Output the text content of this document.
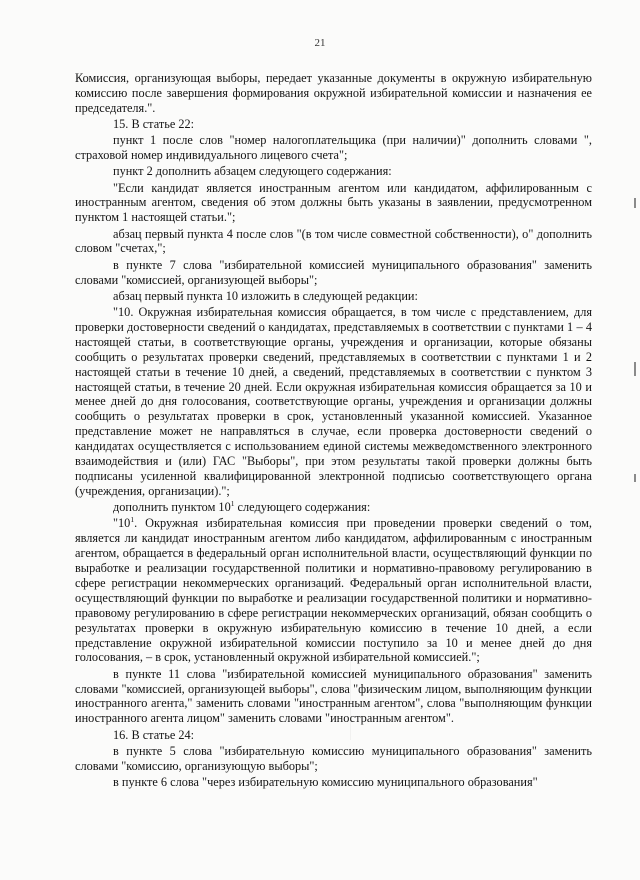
21

Комиссия, организующая выборы, передает указанные документы в окружную избирательную комиссию после завершения формирования окружной избирательной комиссии и назначения ее председателя.".

15. В статье 22:

пункт 1 после слов "номер налогоплательщика (при наличии)" дополнить словами ", страховой номер индивидуального лицевого счета";

пункт 2 дополнить абзацем следующего содержания:

"Если кандидат является иностранным агентом или кандидатом, аффилированным с иностранным агентом, сведения об этом должны быть указаны в заявлении, предусмотренном пунктом 1 настоящей статьи.";

абзац первый пункта 4 после слов "(в том числе совместной собственности), о" дополнить словом "счетах,";

в пункте 7 слова "избирательной комиссией муниципального образования" заменить словами "комиссией, организующей выборы";

абзац первый пункта 10 изложить в следующей редакции:

"10. Окружная избирательная комиссия обращается, в том числе с представлением, для проверки достоверности сведений о кандидатах, представляемых в соответствии с пунктами 1 – 4 настоящей статьи, в соответствующие органы, учреждения и организации, которые обязаны сообщить о результатах проверки сведений, представляемых в соответствии с пунктами 1 и 2 настоящей статьи в течение 10 дней, а сведений, представляемых в соответствии с пунктом 3 настоящей статьи, в течение 20 дней. Если окружная избирательная комиссия обращается за 10 и менее дней до дня голосования, соответствующие органы, учреждения и организации должны сообщить о результатах проверки в срок, установленный указанной комиссией. Указанное представление может не направляться в случае, если проверка достоверности сведений о кандидатах осуществляется с использованием единой системы межведомственного электронного взаимодействия и (или) ГАС "Выборы", при этом результаты такой проверки должны быть подписаны усиленной квалифицированной электронной подписью соответствующего органа (учреждения, организации).";

дополнить пунктом $10^1$ следующего содержания:

"$10^1$. Окружная избирательная комиссия при проведении проверки сведений о том, является ли кандидат иностранным агентом либо кандидатом, аффилированным с иностранным агентом, обращается в федеральный орган исполнительной власти, осуществляющий функции по выработке и реализации государственной политики и нормативно-правовому регулированию в сфере регистрации некоммерческих организаций. Федеральный орган исполнительной власти, осуществляющий функции по выработке и реализации государственной политики и нормативно-правовому регулированию в сфере регистрации некоммерческих организаций, обязан сообщить о результатах проверки в окружную избирательную комиссию в течение 10 дней, а если представление окружной избирательной комиссии поступило за 10 и менее дней до дня голосования, – в срок, установленный окружной избирательной комиссией.";

в пункте 11 слова "избирательной комиссией муниципального образования" заменить словами "комиссией, организующей выборы", слова "физическим лицом, выполняющим функции иностранного агента," заменить словами "иностранным агентом", слова "выполняющим функции иностранного агента лицом" заменить словами "иностранным агентом".

16. В статье 24:

в пункте 5 слова "избирательную комиссию муниципального образования" заменить словами "комиссию, организующую выборы";

в пункте 6 слова "через избирательную комиссию муниципального образования"
